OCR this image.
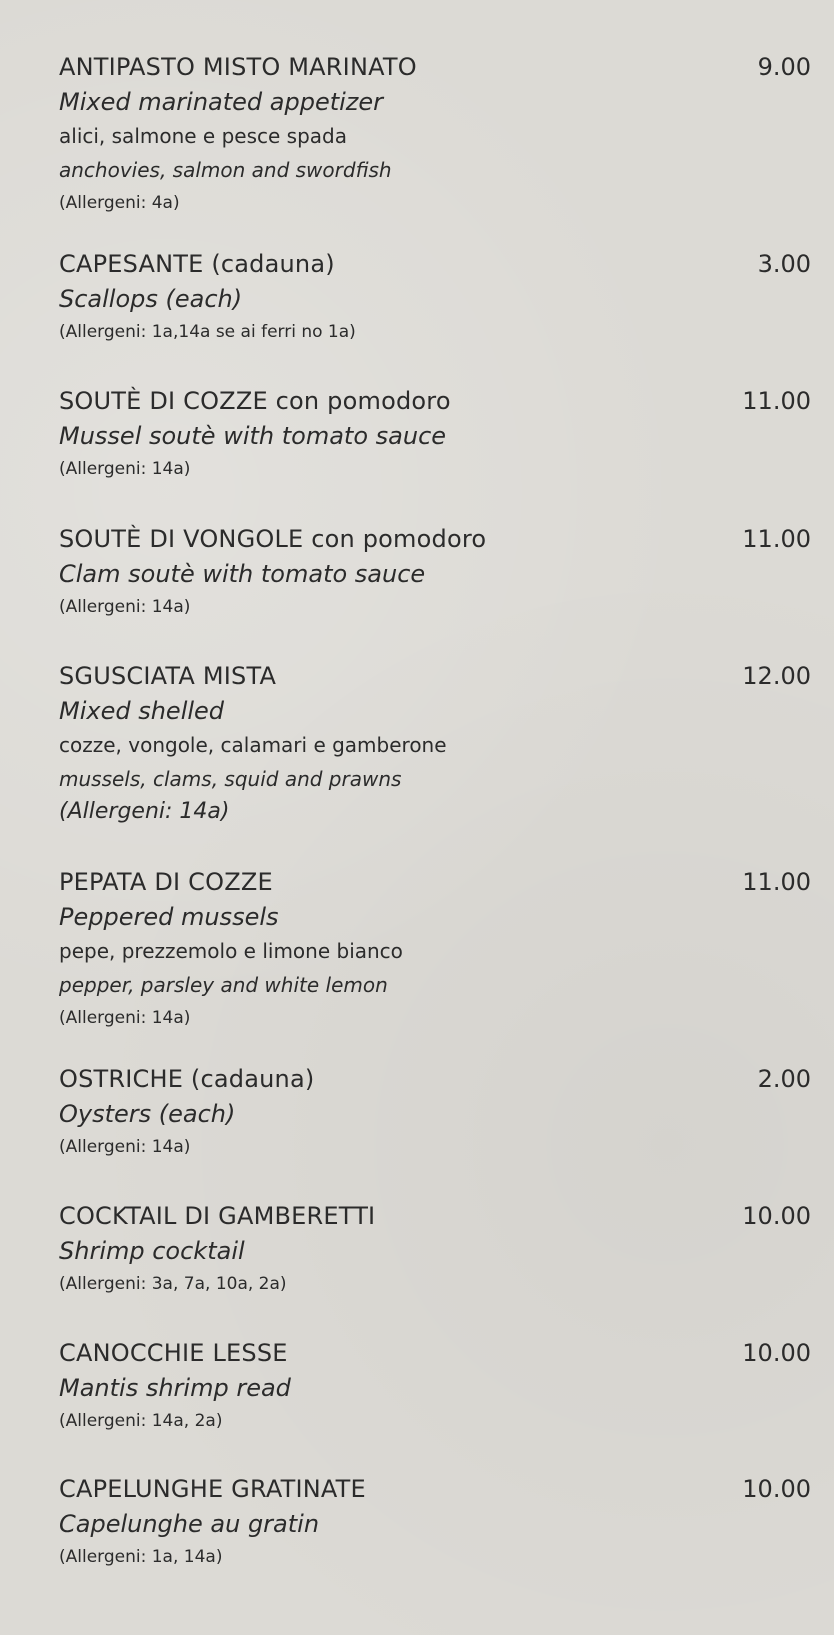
ANTIPASTO MISTO MARINATO	9.00
Mixed marinated appetizer
alici, salmone e pesce spada
anchovies, salmon and swordfish
(Allergeni: 4a)
CAPESANTE (cadauna)	3.00
Scallops (each)
(Allergeni: 1a,14a se ai ferri no 1a)
SOUTÈ DI COZZE con pomodoro	11.00
Mussel soutè with tomato sauce
(Allergeni: 14a)
SOUTÈ DI VONGOLE con pomodoro	11.00
Clam soutè with tomato sauce
(Allergeni: 14a)
SGUSCIATA MISTA	12.00
Mixed shelled
cozze, vongole, calamari e gamberone
mussels, clams, squid and prawns
(Allergeni: 14a)
PEPATA DI COZZE	11.00
Peppered mussels
pepe, prezzemolo e limone bianco
pepper, parsley and white lemon
(Allergeni: 14a)
OSTRICHE (cadauna)	2.00
Oysters (each)
(Allergeni: 14a)
COCKTAIL DI GAMBERETTI	10.00
Shrimp cocktail
(Allergeni: 3a, 7a, 10a, 2a)
CANOCCHIE LESSE	10.00
Mantis shrimp read
(Allergeni: 14a, 2a)
CAPELUNGHE GRATINATE	10.00
Capelunghe au gratin
(Allergeni: 1a, 14a)
